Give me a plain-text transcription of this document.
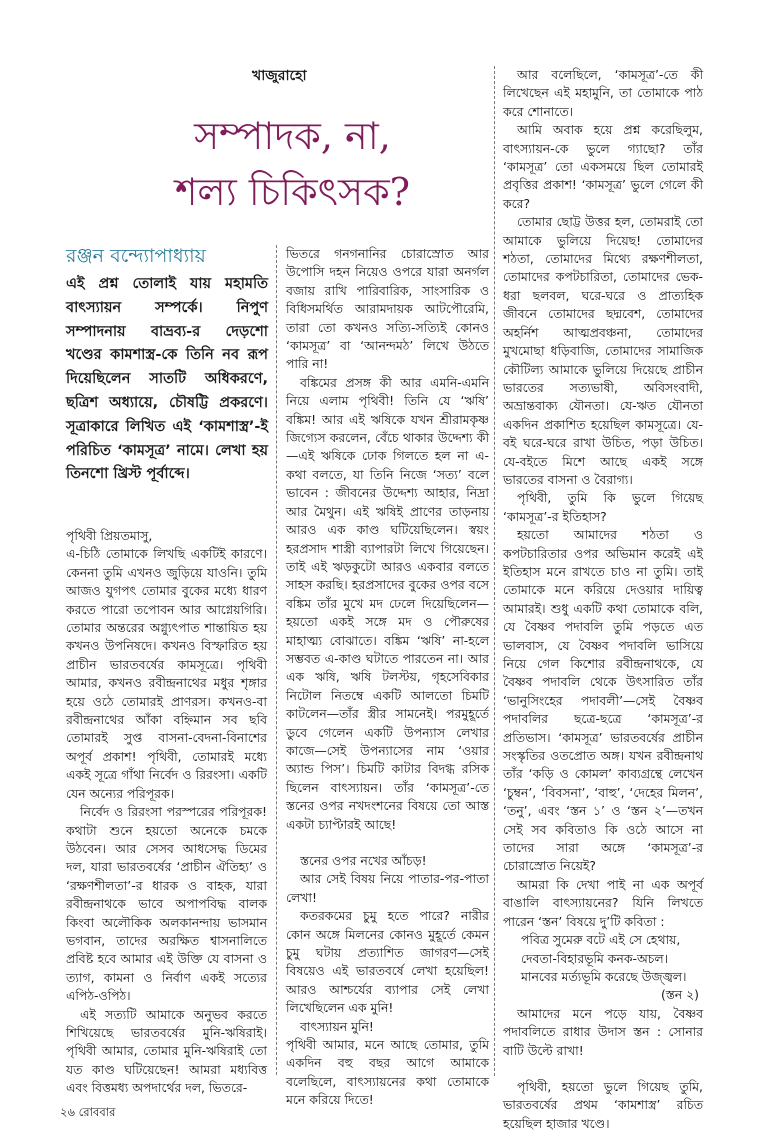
খাজুরাহো
সম্পাদক, না,
শল্য চিকিৎসক?
রঞ্জন বন্দ্যোপাধ্যায়
এই প্রশ্ন তোলাই যায় মহামতি বাৎস্যায়ন সম্পর্কে। নিপুণ সম্পাদনায় বাভ্রব্য-র দেড়শো খণ্ডের কামশাস্ত্র-কে তিনি নব রূপ দিয়েছিলেন সাতটি অধিকরণে, ছত্রিশ অধ্যায়ে, চৌষট্টি প্রকরণে। সূত্রাকারে লিখিত এই ‘কামশাস্ত্র’-ই পরিচিত ‘কামসূত্র’ নামে। লেখা হয় তিনশো খ্রিস্ট পূর্বাব্দে।

পৃথিবী প্রিয়তমাসু,

এ-চিঠি তোমাকে লিখছি একটিই কারণে। কেননা তুমি এখনও জুড়িয়ে যাওনি। তুমি আজও যুগপৎ তোমার বুকের মধ্যে ধারণ করতে পারো তপোবন আর আগ্নেয়গিরি। তোমার অন্তরের অগ্ন্যুৎপাত শান্তায়িত হয় কখনও উপনিষদে। কখনও বিস্ফারিত হয় প্রাচীন ভারতবর্ষের কামসূত্রে। পৃথিবী আমার, কখনও রবীন্দ্রনাথের মধুর শৃঙ্গার হয়ে ওঠে তোমারই প্রাণরস। কখনও-বা রবীন্দ্রনাথের আঁকা বহ্নিমান সব ছবি তোমারই সুপ্ত বাসনা-বেদনা-বিনাশের অপূর্ব প্রকাশ! পৃথিবী, তোমারই মধ্যে একই সূত্রে গাঁথা নির্বেদ ও রিরংসা। একটি যেন অন্যের পরিপূরক।

নির্বেদ ও রিরংসা পরস্পরের পরিপূরক! কথাটা শুনে হয়তো অনেকে চমকে উঠবেন। আর সেসব আধসেদ্ধ ডিমের দল, যারা ভারতবর্ষের ‘প্রাচীন ঐতিহ্য’ ও ‘রক্ষণশীলতা’-র ধারক ও বাহক, যারা রবীন্দ্রনাথকে ভাবে অপাপবিদ্ধ বালক কিংবা অলৌকিক অলকানন্দায় ভাসমান ভগবান, তাদের অরক্ষিত শ্বাসনালিতে প্রবিষ্ট হবে আমার এই উক্তি যে বাসনা ও ত্যাগ, কামনা ও নির্বাণ একই সত্যের এপিঠ-ওপিঠ।

এই সত্যটি আমাকে অনুভব করতে শিখিয়েছে ভারতবর্ষের মুনি-ঋষিরাই। পৃথিবী আমার, তোমার মুনি-ঋষিরাই তো যত কাণ্ড ঘটিয়েছেন! আমরা মধ্যবিত্ত এবং বিত্তমধ্য অপদার্থের দল, ভিতরে-

ভিতরে গনগনানির চোরাস্রোত আর উপোসি দহন নিয়েও ওপরে যারা অনর্গল বজায় রাখি পারিবারিক, সাংসারিক ও বিধিসমর্থিত আরামদায়ক আটপৌরেমি, তারা তো কখনও সত্যি-সত্যিই কোনও ‘কামসূত্র’ বা ‘আনন্দমঠ’ লিখে উঠতে পারি না!

বঙ্কিমের প্রসঙ্গ কী আর এমনি-এমনি নিয়ে এলাম পৃথিবী! তিনি যে ‘ঋষি’ বঙ্কিম! আর এই ঋষিকে যখন শ্রীরামকৃষ্ণ জিগ্যেস করলেন, বেঁচে থাকার উদ্দেশ্য কী—এই ঋষিকে ঢোক গিলতে হল না এ-কথা বলতে, যা তিনি নিজে ‘সত্য’ বলে ভাবেন : জীবনের উদ্দেশ্য আহার, নিদ্রা আর মৈথুন। এই ঋষিই প্রাণের তাড়নায় আরও এক কাণ্ড ঘটিয়েছিলেন। স্বয়ং হরপ্রসাদ শাস্ত্রী ব্যাপারটা লিখে গিয়েছেন। তাই এই ঋড়কুটো আরও একবার বলতে সাহস করছি। হরপ্রসাদের বুকের ওপর বসে বঙ্কিম তাঁর মুখে মদ ঢেলে দিয়েছিলেন—হয়তো একই সঙ্গে মদ ও পৌরুষের মাহাত্ম্য বোঝাতে। বঙ্কিম ‘ঋষি’ না-হলে সম্ভবত এ-কাণ্ড ঘটাতে পারতেন না। আর এক ঋষি, ঋষি টলস্টয়, গৃহসেবিকার নিটোল নিতম্বে একটি আলতো চিমটি কাটলেন—তাঁর স্ত্রীর সামনেই। পরমুহূর্তে ডুবে গেলেন একটি উপন্যাস লেখার কাজে—সেই উপন্যাসের নাম ‘ওয়ার অ্যান্ড পিস’। চিমটি কাটার বিদগ্ধ রসিক ছিলেন বাৎস্যায়ন। তাঁর ‘কামসূত্র’-তে স্তনের ওপর নখদংশনের বিষয়ে তো আস্ত একটা চ্যাপ্টারই আছে!

স্তনের ওপর নখের আঁচড়!

আর সেই বিষয় নিয়ে পাতার-পর-পাতা লেখা!

কতরকমের চুমু হতে পারে? নারীর কোন অঙ্গে মিলনের কোনও মুহূর্তে কেমন চুমু ঘটায় প্রত্যাশিত জাগরণ—সেই বিষয়েও এই ভারতবর্ষে লেখা হয়েছিল! আরও আশ্চর্যের ব্যাপার সেই লেখা লিখেছিলেন এক মুনি!

বাৎস্যায়ন মুনি!

পৃথিবী আমার, মনে আছে তোমার, তুমি একদিন বহু বছর আগে আমাকে বলেছিলে, বাৎস্যায়নের কথা তোমাকে মনে করিয়ে দিতে!

আর বলেছিলে, ‘কামসূত্র’-তে কী লিখেছেন এই মহামুনি, তা তোমাকে পাঠ করে শোনাতে।

আমি অবাক হয়ে প্রশ্ন করেছিলুম, বাৎস্যায়ন-কে ভুলে গ্যাছো? তাঁর ‘কামসূত্র’ তো একসময়ে ছিল তোমারই প্রবৃত্তির প্রকাশ! ‘কামসূত্র’ ভুলে গেলে কী করে?

তোমার ছোট্ট উত্তর হল, তোমরাই তো আমাকে ভুলিয়ে দিয়েছ! তোমাদের শঠতা, তোমাদের মিথ্যে রক্ষণশীলতা, তোমাদের কপটচারিতা, তোমাদের ভেক-ধরা ছলবল, ঘরে-ঘরে ও প্রাত্যহিক জীবনে তোমাদের ছদ্মবেশ, তোমাদের অহর্নিশ আত্মপ্রবঞ্চনা, তোমাদের মুখমোছা ধড়িবাজি, তোমাদের সামাজিক কৌটিল্য আমাকে ভুলিয়ে দিয়েছে প্রাচীন ভারতের সত্যভাষী, অবিসংবাদী, অভ্রান্তবাক্য যৌনতা। যে-ঋত যৌনতা একদিন প্রকাশিত হয়েছিল কামসূত্রে। যে-বই ঘরে-ঘরে রাখা উচিত, পড়া উচিত। যে-বইতে মিশে আছে একই সঙ্গে ভারতের বাসনা ও বৈরাগ্য।

পৃথিবী, তুমি কি ভুলে গিয়েছ ‘কামসূত্র’-র ইতিহাস?

হয়তো আমাদের শঠতা ও কপটচারিতার ওপর অভিমান করেই এই ইতিহাস মনে রাখতে চাও না তুমি। তাই তোমাকে মনে করিয়ে দেওয়ার দায়িত্ব আমারই। শুধু একটি কথা তোমাকে বলি, যে বৈষ্ণব পদাবলি তুমি পড়তে এত ভালবাস, যে বৈষ্ণব পদাবলি ভাসিয়ে নিয়ে গেল কিশোর রবীন্দ্রনাথকে, যে বৈষ্ণব পদাবলি থেকে উৎসারিত তাঁর ‘ভানুসিংহের পদাবলী’—সেই বৈষ্ণব পদাবলির ছত্রে-ছত্রে ‘কামসূত্র’-র প্রতিভাস। ‘কামসূত্র’ ভারতবর্ষের প্রাচীন সংস্কৃতির ওতপ্রোত অঙ্গ। যখন রবীন্দ্রনাথ তাঁর ‘কড়ি ও কোমল’ কাব্যগ্রন্থে লেখেন ‘চুম্বন’, ‘বিবসনা’, ‘বাহু’, ‘দেহের মিলন’, ‘তনু’, এবং ‘স্তন ১’ ও ‘স্তন ২’—তখন সেই সব কবিতাও কি ওঠে আসে না তাদের সারা অঙ্গে ‘কামসূত্র’-র চোরাস্রোত নিয়েই?

আমরা কি দেখা পাই না এক অপূর্ব বাঙালি বাৎস্যায়নের? যিনি লিখতে পারেন ‘স্তন’ বিষয়ে দু’টি কবিতা :

পবিত্র সুমেরু বটে এই সে হেথায়,

দেবতা-বিহারভূমি কনক-অচল।

মানবের মর্ত্যভূমি করেছে উজ্জ্বল।

(স্তন ২)

আমাদের মনে পড়ে যায়, বৈষ্ণব পদাবলিতে রাধার উদাস স্তন : সোনার বাটি উল্টে রাখা!

পৃথিবী, হয়তো ভুলে গিয়েছ তুমি, ভারতবর্ষের প্রথম ‘কামশাস্ত্র’ রচিত হয়েছিল হাজার খণ্ডে।

২৬ রোববার
